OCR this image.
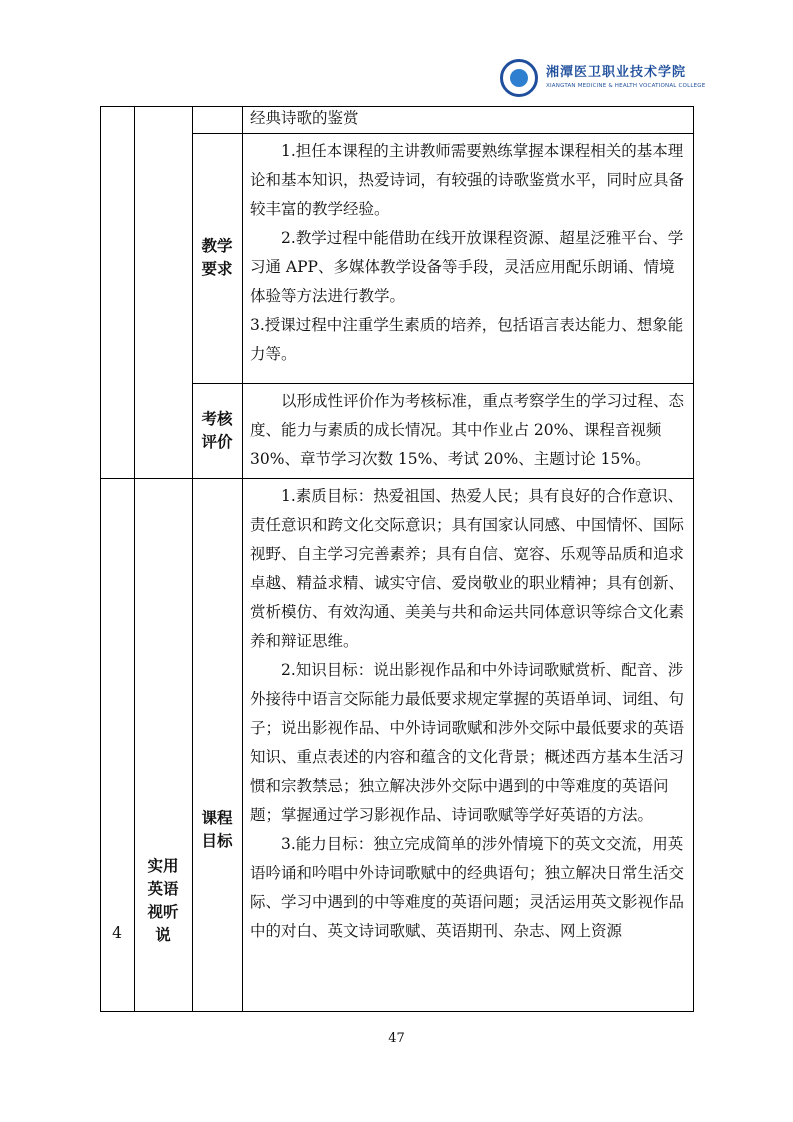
湘潭医卫职业技术学院
XIANGTAN MEDICINE & HEALTH VOCATIONAL COLLEGE

经典诗歌的鉴赏

教学
要求

1.担任本课程的主讲教师需要熟练掌握本课程相关的基本理论和基本知识，热爱诗词，有较强的诗歌鉴赏水平，同时应具备较丰富的教学经验。

2.教学过程中能借助在线开放课程资源、超星泛雅平台、学习通 APP、多媒体教学设备等手段，灵活应用配乐朗诵、情境体验等方法进行教学。

3.授课过程中注重学生素质的培养，包括语言表达能力、想象能力等。

考核
评价

以形成性评价作为考核标准，重点考察学生的学习过程、态度、能力与素质的成长情况。其中作业占 20%、课程音视频 30%、章节学习次数 15%、考试 20%、主题讨论 15%。

4
实用
英语
视听
说
课程
目标

1.素质目标：热爱祖国、热爱人民；具有良好的合作意识、责任意识和跨文化交际意识；具有国家认同感、中国情怀、国际视野、自主学习完善素养；具有自信、宽容、乐观等品质和追求卓越、精益求精、诚实守信、爱岗敬业的职业精神；具有创新、赏析模仿、有效沟通、美美与共和命运共同体意识等综合文化素养和辩证思维。

2.知识目标：说出影视作品和中外诗词歌赋赏析、配音、涉外接待中语言交际能力最低要求规定掌握的英语单词、词组、句子；说出影视作品、中外诗词歌赋和涉外交际中最低要求的英语知识、重点表述的内容和蕴含的文化背景；概述西方基本生活习惯和宗教禁忌；独立解决涉外交际中遇到的中等难度的英语问题；掌握通过学习影视作品、诗词歌赋等学好英语的方法。

3.能力目标：独立完成简单的涉外情境下的英文交流，用英语吟诵和吟唱中外诗词歌赋中的经典语句；独立解决日常生活交际、学习中遇到的中等难度的英语问题；灵活运用英文影视作品中的对白、英文诗词歌赋、英语期刊、杂志、网上资源

47
